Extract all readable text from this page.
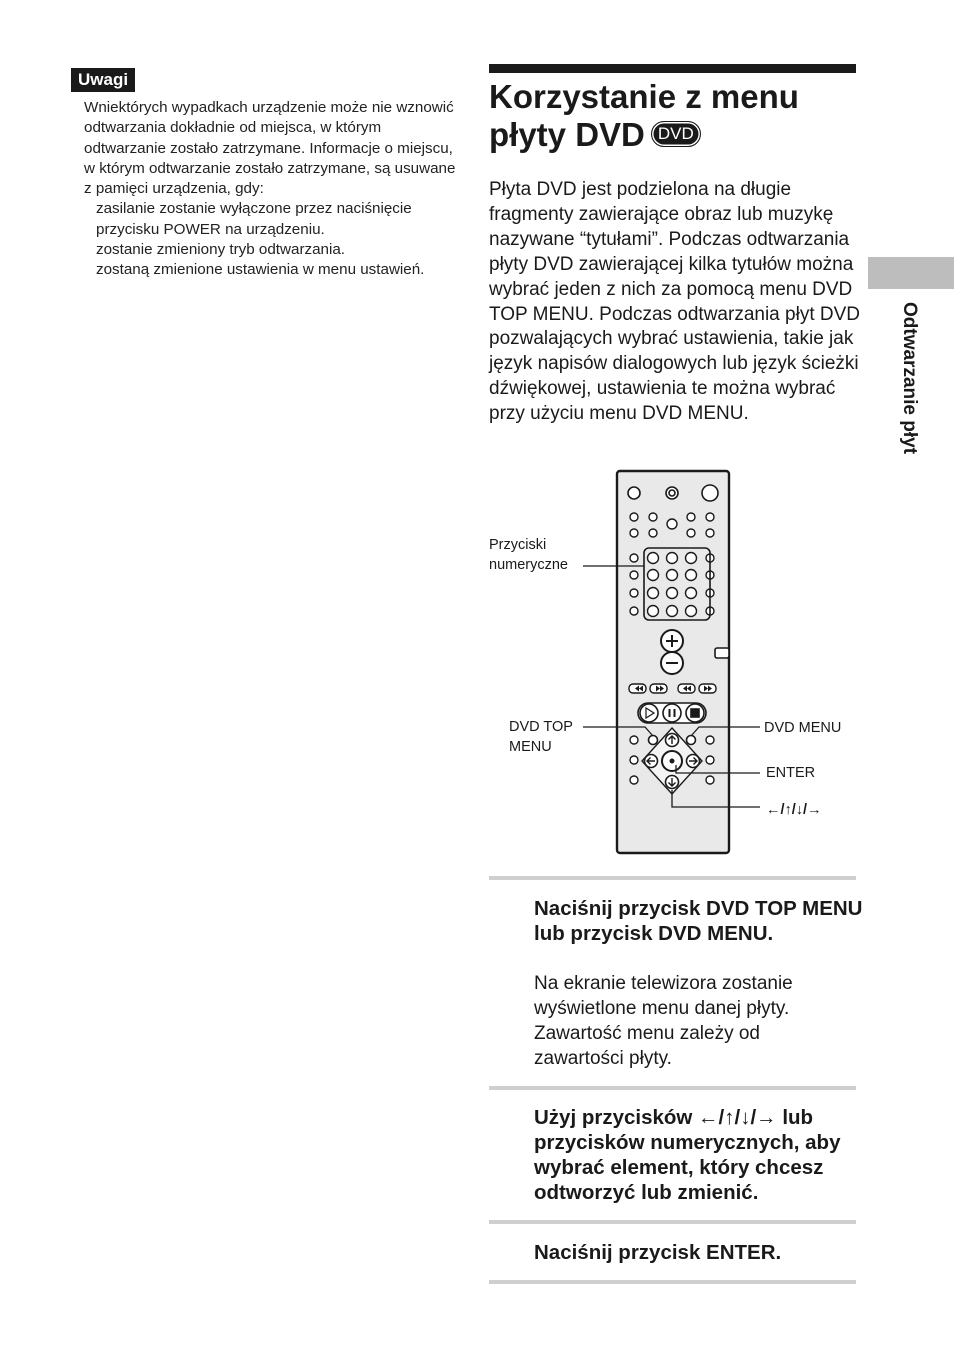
Uwagi

Wniektórych wypadkach urządzenie może nie wznowić odtwarzania dokładnie od miejsca, w którym odtwarzanie zostało zatrzymane. Informacje o miejscu, w którym odtwarzanie zostało zatrzymane, są usuwane z pamięci urządzenia, gdy:

zasilanie zostanie wyłączone przez naciśnięcie przycisku POWER na urządzeniu.
zostanie zmieniony tryb odtwarzania.
zostaną zmienione ustawienia w menu ustawień.
Korzystanie z menu płyty DVD DVD

Płyta DVD jest podzielona na długie fragmenty zawierające obraz lub muzykę nazywane “tytułami”. Podczas odtwarzania płyty DVD zawierającej kilka tytułów można wybrać jeden z nich za pomocą menu DVD TOP MENU. Podczas odtwarzania płyt DVD pozwalających wybrać ustawienia, takie jak język napisów dialogowych lub język ścieżki dźwiękowej, ustawienia te można wybrać przy użyciu menu DVD MENU.	Odtwarzanie płyt
Przyciski numeryczne
DVD TOP MENU
DVD MENU
ENTER
←/↑/↓/→
Naciśnij przycisk DVD TOP MENU lub przycisk DVD MENU.

Na ekranie telewizora zostanie wyświetlone menu danej płyty. Zawartość menu zależy od zawartości płyty.

Użyj przycisków ←/↑/↓/→ lub przycisków numerycznych, aby wybrać element, który chcesz odtworzyć lub zmienić.
Naciśnij przycisk ENTER.
